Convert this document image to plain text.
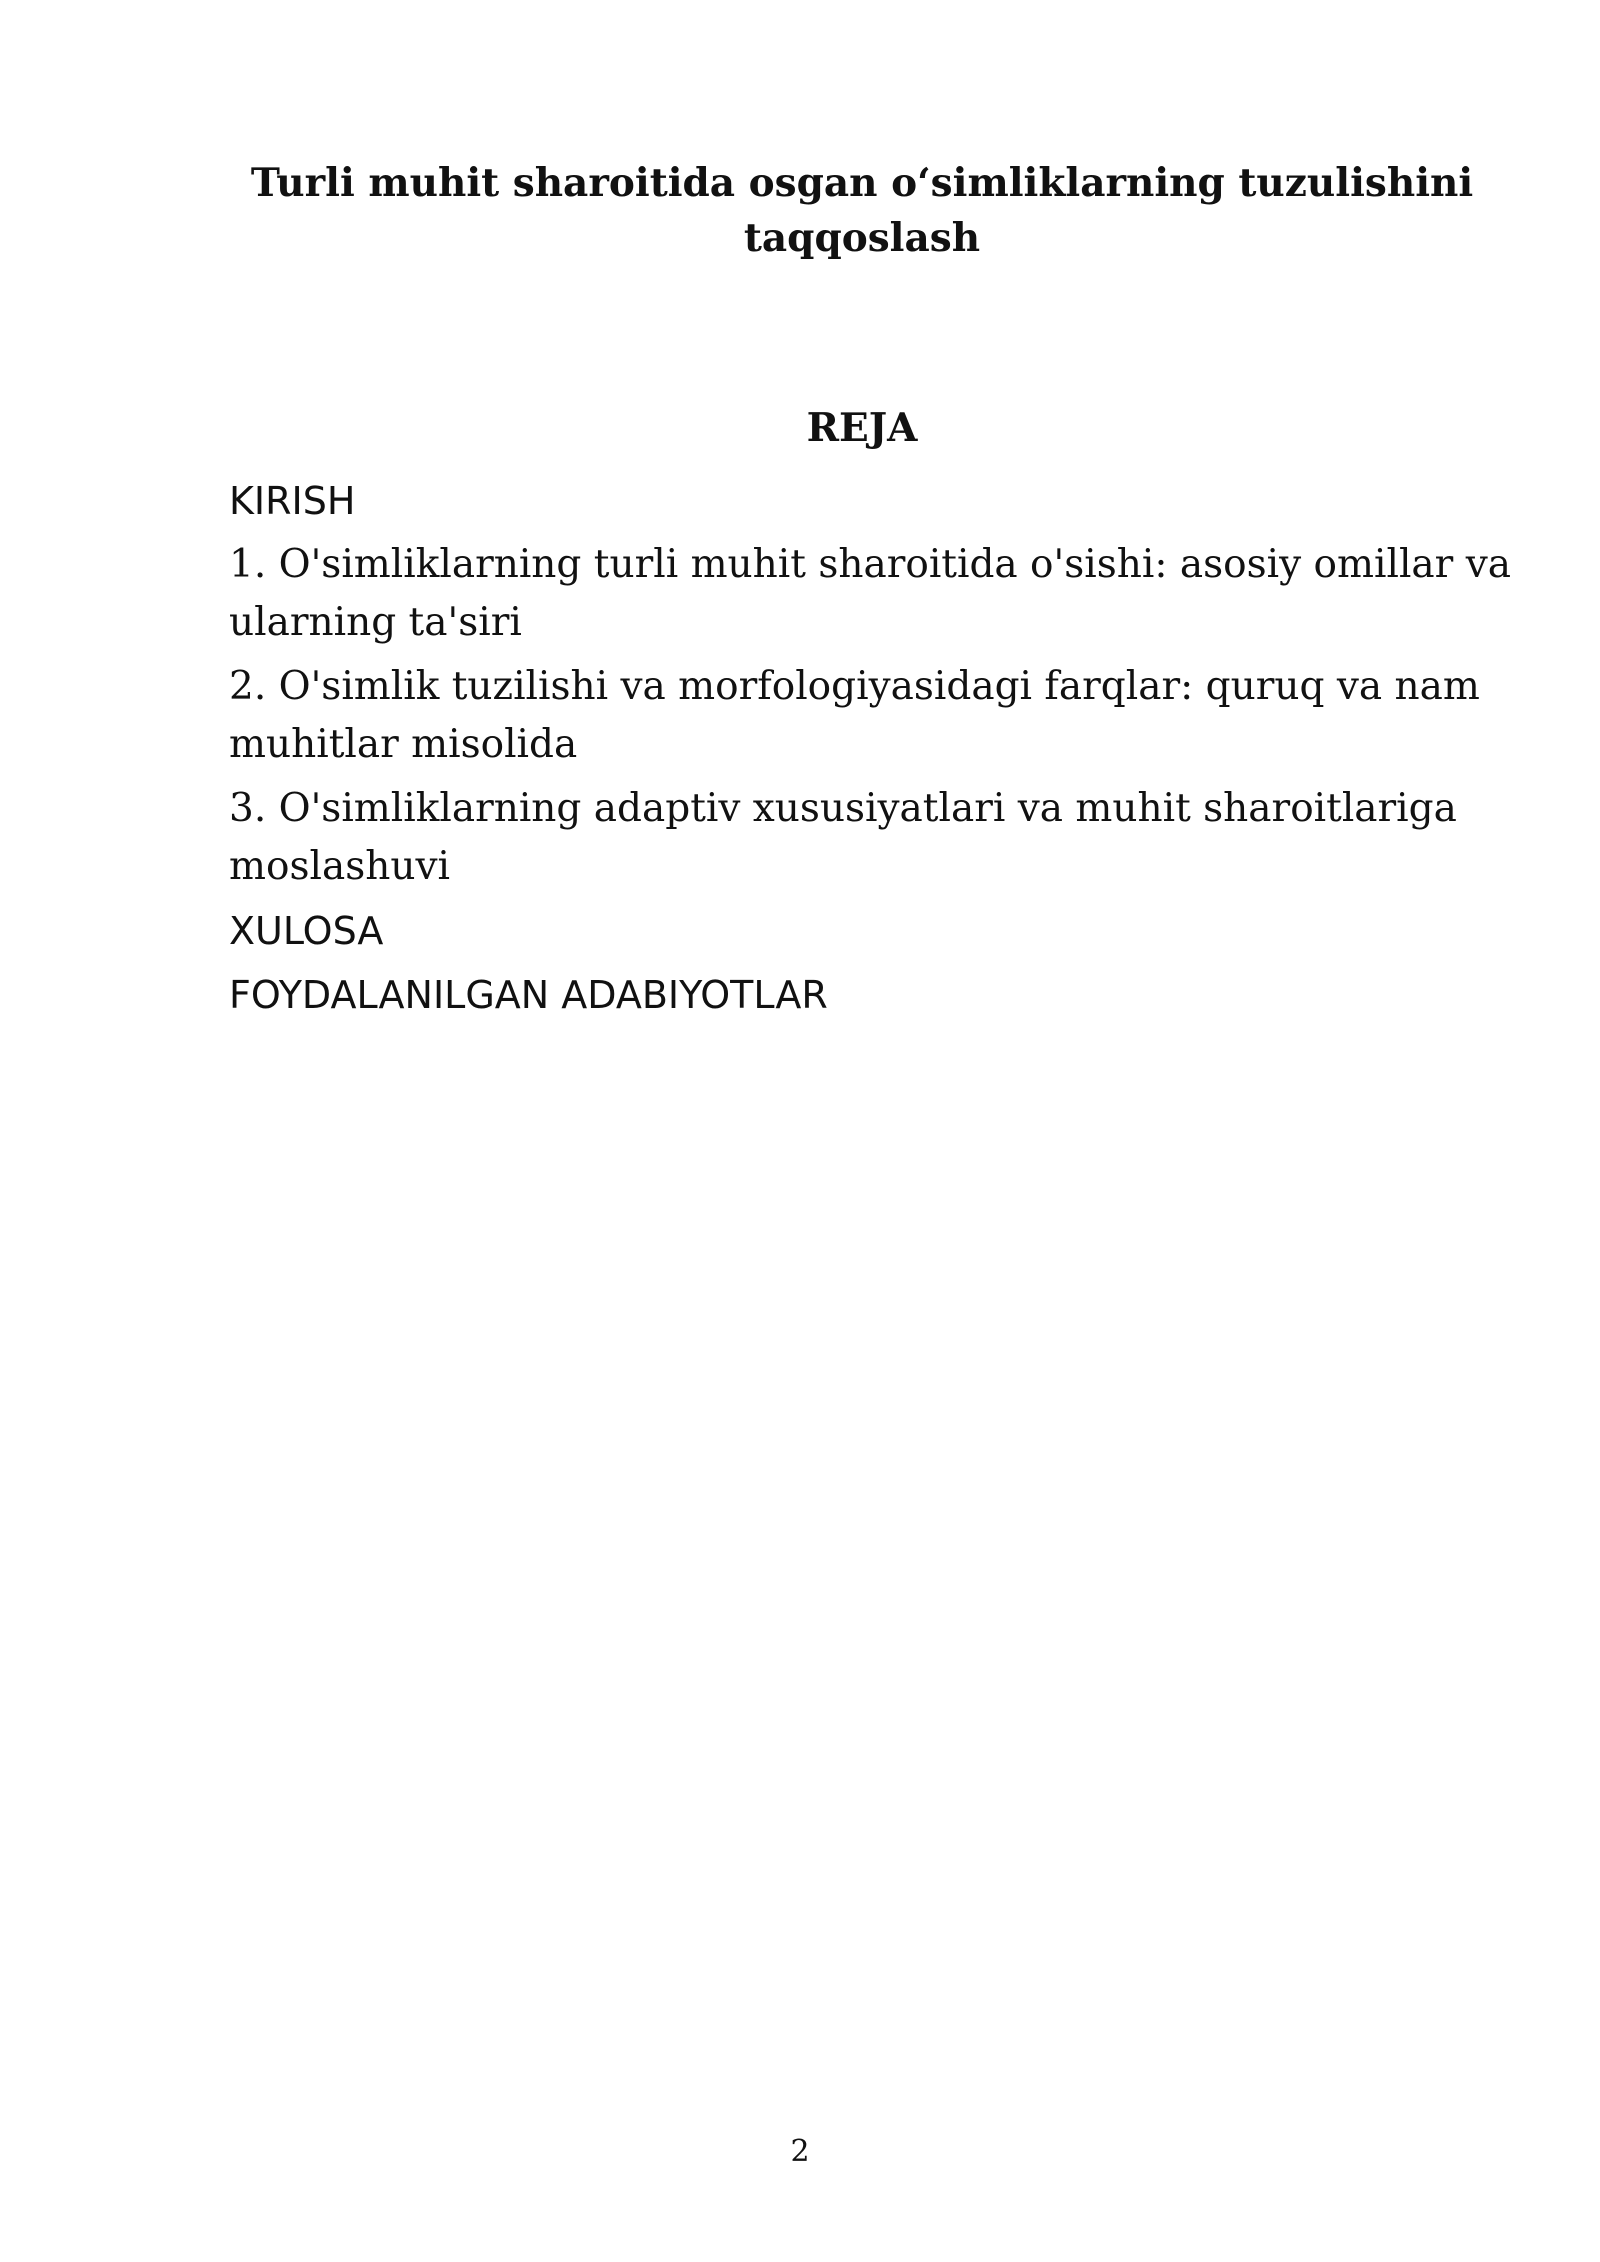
Turli muhit sharoitida osgan o‘simliklarning tuzulishini taqqoslash
REJA
KIRISH
1. O'simliklarning turli muhit sharoitida o'sishi: asosiy omillar va ularning ta'siri
2. O'simlik tuzilishi va morfologiyasidagi farqlar: quruq va nam muhitlar misolida
3. O'simliklarning adaptiv xususiyatlari va muhit sharoitlariga moslashuvi
XULOSA
FOYDALANILGAN ADABIYOTLAR
2
